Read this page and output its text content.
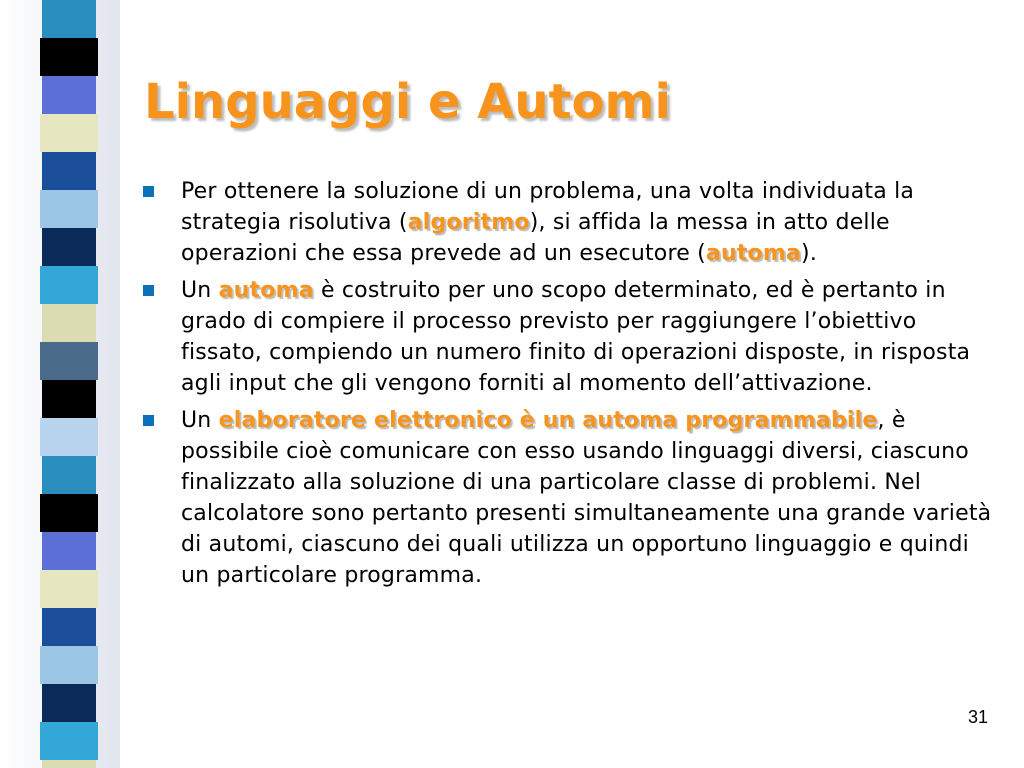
Linguaggi e Automi

Per ottenere la soluzione di un problema, una volta individuata la strategia risolutiva (algoritmo), si affida la messa in atto delle operazioni che essa prevede ad un esecutore (automa).

Un automa è costruito per uno scopo determinato, ed è pertanto in grado di compiere il processo previsto per raggiungere l’obiettivo fissato, compiendo un numero finito di operazioni disposte, in risposta agli input che gli vengono forniti al momento dell’attivazione.

Un elaboratore elettronico è un automa programmabile, è possibile cioè comunicare con esso usando linguaggi diversi, ciascuno finalizzato alla soluzione di una particolare classe di problemi. Nel calcolatore sono pertanto presenti simultaneamente una grande varietà di automi, ciascuno dei quali utilizza un opportuno linguaggio e quindi un particolare programma.

31
